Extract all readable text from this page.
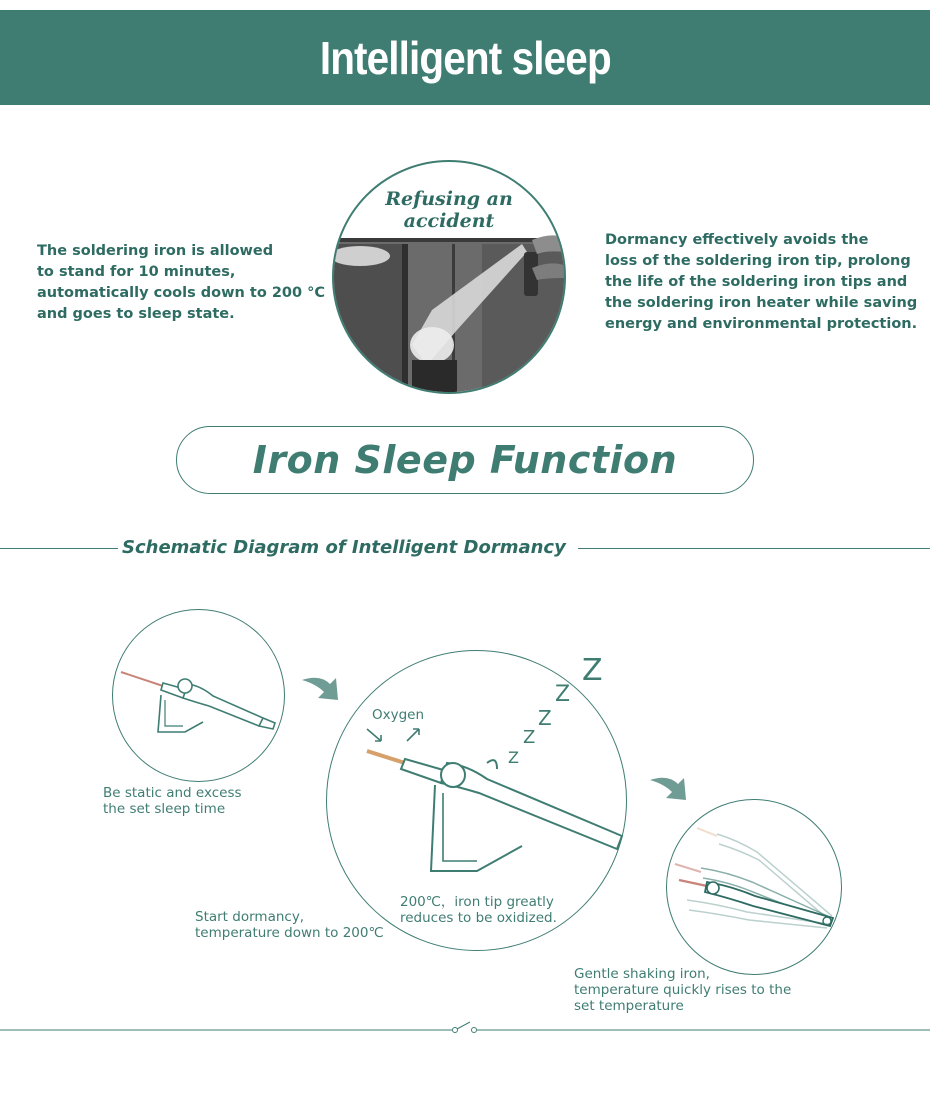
Intelligent sleep

The soldering iron is allowed
to stand for 10 minutes,
automatically cools down to 200 °C
and goes to sleep state.

Refusing an
accident

Dormancy effectively avoids the
loss of the soldering iron tip, prolong
the life of the soldering iron tips and
the soldering iron heater while saving
energy and environmental protection.

Iron Sleep Function
Schematic Diagram of Intelligent Dormancy

Be static and excess
the set sleep time

Oxygen

200℃，iron tip greatly
reduces to be oxidized.

Z
Z
Z
Z
Z

Start dormancy,
temperature down to 200℃

Gentle shaking iron,
temperature quickly rises to the
set temperature
